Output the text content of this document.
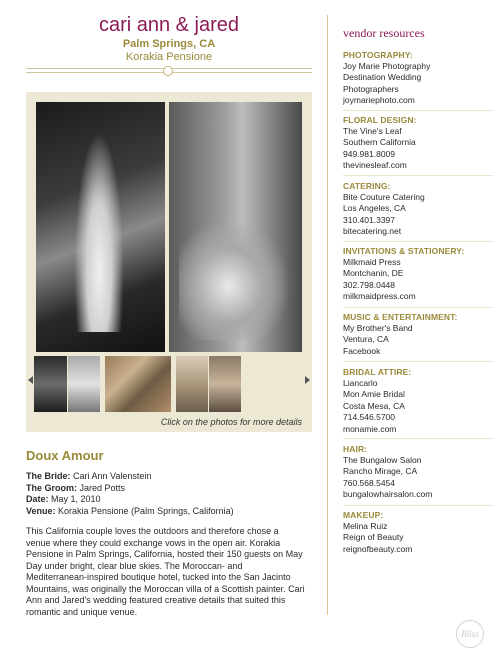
cari ann & jared
Palm Springs, CA
Korakia Pensione
Click on the photos for more details
Doux Amour
The Bride: Cari Ann Valenstein
The Groom: Jared Potts
Date: May 1, 2010
Venue: Korakia Pensione (Palm Springs, California)
This California couple loves the outdoors and therefore chose a
venue where they could exchange vows in the open air. Korakia
Pensione in Palm Springs, California, hosted their 150 guests on May
Day under bright, clear blue skies. The Moroccan- and
Mediterranean-inspired boutique hotel, tucked into the San Jacinto
Mountains, was originally the Moroccan villa of a Scottish painter. Cari
Ann and Jared's wedding featured creative details that suited this
romantic and unique venue.
vendor resources
PHOTOGRAPHY:
Joy Marie Photography
Destination Wedding
Photographers
joymariephoto.com
FLORAL DESIGN:
The Vine's Leaf
Southern California
949.981.8009
thevinesleaf.com
CATERING:
Bite Couture Catering
Los Angeles, CA
310.401.3397
bitecatering.net
INVITATIONS & STATIONERY:
Milkmaid Press
Montchanin, DE
302.798.0448
milkmaidpress.com
MUSIC & ENTERTAINMENT:
My Brother's Band
Ventura, CA
Facebook
BRIDAL ATTIRE:
Liancarlo
Mon Amie Bridal
Costa Mesa, CA
714.546.5700
monamie.com
HAIR:
The Bungalow Salon
Rancho Mirage, CA
760.568.5454
bungalowhairsalon.com
MAKEUP:
Melina Ruiz
Reign of Beauty
reignofbeauty.com
Bliss
